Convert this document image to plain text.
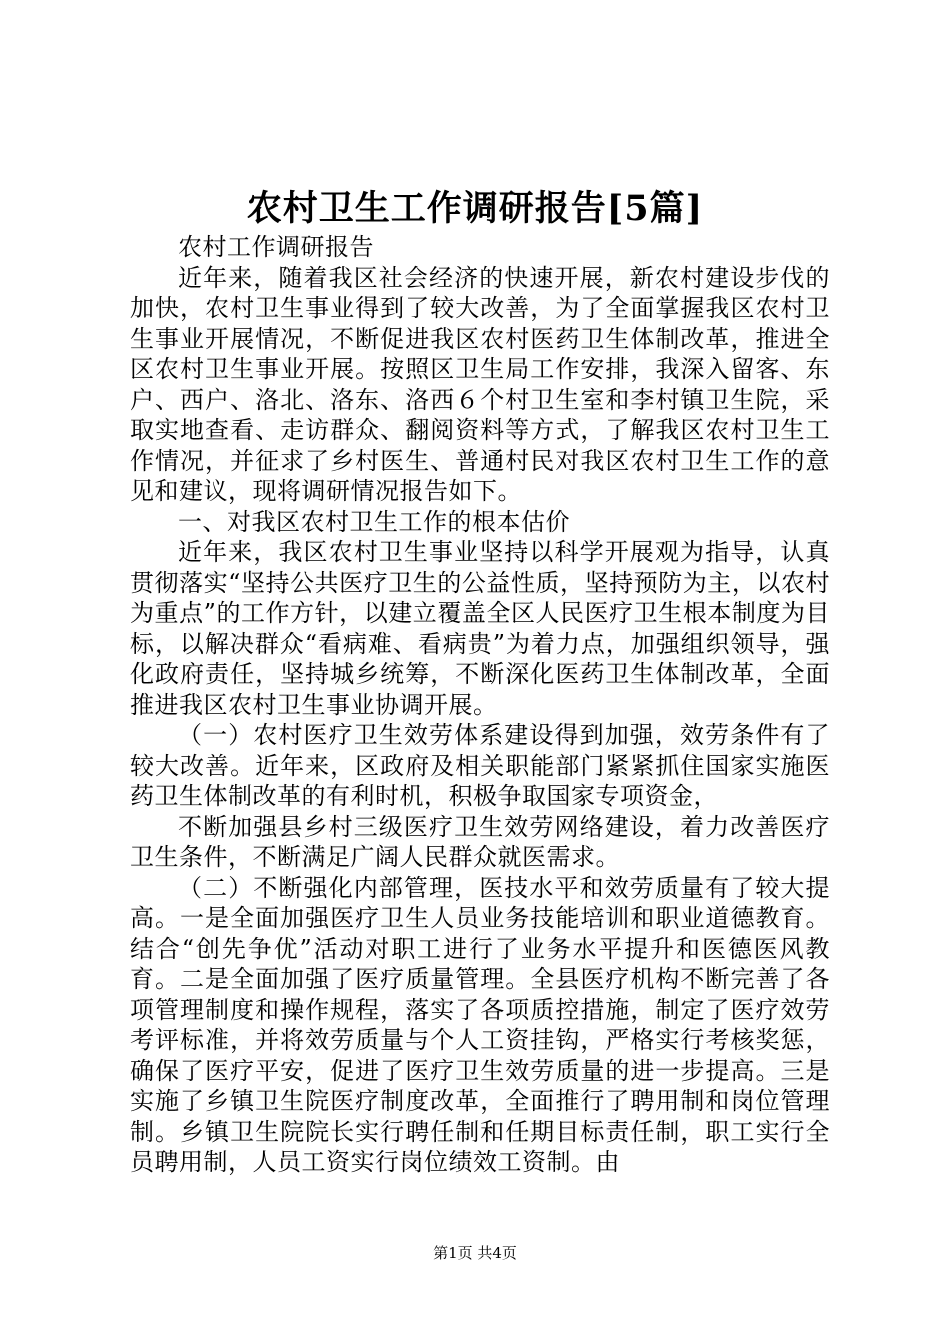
农村卫生工作调研报告[5篇]

农村工作调研报告

近年来，随着我区社会经济的快速开展，新农村建设步伐的加快，农村卫生事业得到了较大改善，为了全面掌握我区农村卫生事业开展情况，不断促进我区农村医药卫生体制改革，推进全区农村卫生事业开展。按照区卫生局工作安排，我深入留客、东户、西户、洛北、洛东、洛西６个村卫生室和李村镇卫生院，采取实地查看、走访群众、翻阅资料等方式，了解我区农村卫生工作情况，并征求了乡村医生、普通村民对我区农村卫生工作的意见和建议，现将调研情况报告如下。

一、对我区农村卫生工作的根本估价

近年来，我区农村卫生事业坚持以科学开展观为指导，认真贯彻落实“坚持公共医疗卫生的公益性质，坚持预防为主，以农村为重点”的工作方针，以建立覆盖全区人民医疗卫生根本制度为目标，以解决群众“看病难、看病贵”为着力点，加强组织领导，强化政府责任，坚持城乡统筹，不断深化医药卫生体制改革，全面推进我区农村卫生事业协调开展。

（一）农村医疗卫生效劳体系建设得到加强，效劳条件有了较大改善。近年来，区政府及相关职能部门紧紧抓住国家实施医药卫生体制改革的有利时机，积极争取国家专项资金，

不断加强县乡村三级医疗卫生效劳网络建设，着力改善医疗卫生条件，不断满足广阔人民群众就医需求。

（二）不断强化内部管理，医技水平和效劳质量有了较大提高。一是全面加强医疗卫生人员业务技能培训和职业道德教育。结合“创先争优”活动对职工进行了业务水平提升和医德医风教育。二是全面加强了医疗质量管理。全县医疗机构不断完善了各项管理制度和操作规程，落实了各项质控措施，制定了医疗效劳考评标准，并将效劳质量与个人工资挂钩，严格实行考核奖惩，确保了医疗平安，促进了医疗卫生效劳质量的进一步提高。三是实施了乡镇卫生院医疗制度改革，全面推行了聘用制和岗位管理制。乡镇卫生院院长实行聘任制和任期目标责任制，职工实行全员聘用制，人员工资实行岗位绩效工资制。由

第1页 共4页
